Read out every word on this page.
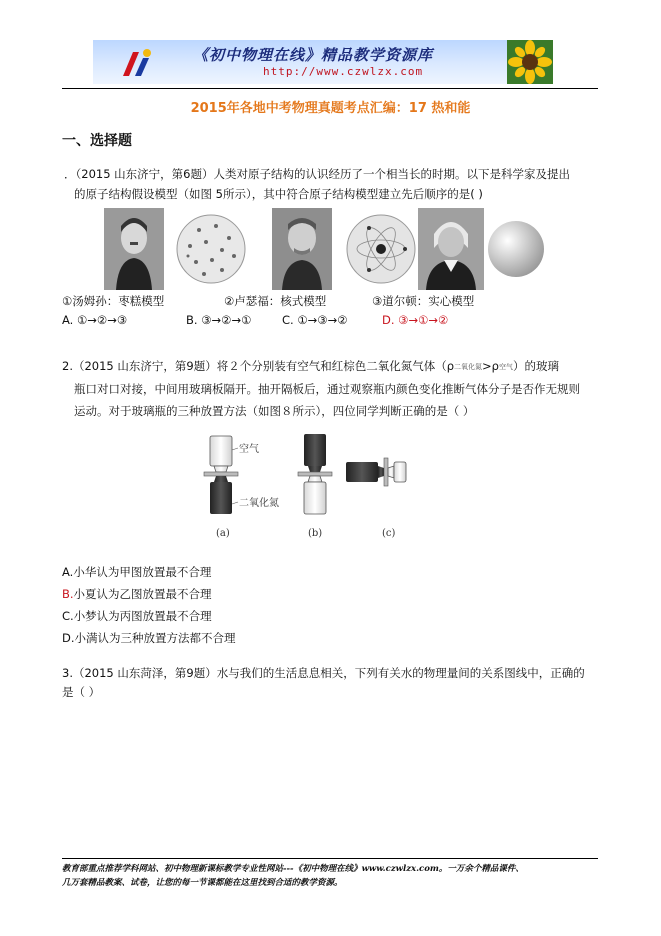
《初中物理在线》精品教学资源库
http://www.czwlzx.com
2015年各地中考物理真题考点汇编：17 热和能
一、选择题
．（2015 山东济宁，第6题）人类对原子结构的认识经历了一个相当长的时期。以下是科学家及提出
的原子结构假设模型（如图 5所示），其中符合原子结构模型建立先后顺序的是( )
①汤姆孙：枣糕模型	②卢瑟福：核式模型	③道尔顿：实心模型
A. ①→②→③	B. ③→②→①	C. ①→③→②	D. ③→①→②
2.（2015 山东济宁，第9题）将２个分别装有空气和红棕色二氧化氮气体（ρ二氧化氮>ρ空气）的玻璃
瓶口对口对接，中间用玻璃板隔开。抽开隔板后，通过观察瓶内颜色变化推断气体分子是否作无规则
运动。对于玻璃瓶的三种放置方法（如图８所示），四位同学判断正确的是（ ）
空气
二氧化氮
(a)	(b)	(c)
A.小华认为甲图放置最不合理
B.小夏认为乙图放置最不合理
C.小梦认为丙图放置最不合理
D.小满认为三种放置方法都不合理
3.（2015 山东菏泽，第9题）水与我们的生活息息相关，下列有关水的物理量间的关系图线中，正确的
是（ ）
教育部重点推荐学科网站、初中物理新课标教学专业性网站---《初中物理在线》www.czwlzx.com。一万余个精品课件、
几万套精品教案、试卷，让您的每一节课都能在这里找到合适的教学资源。
